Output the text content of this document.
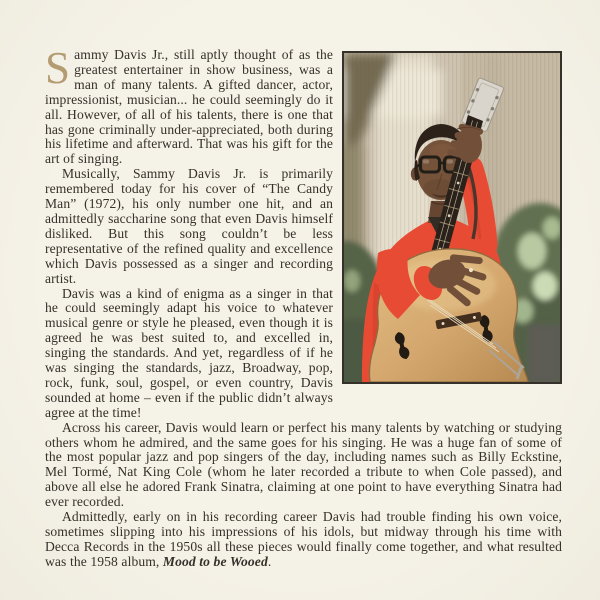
Sammy Davis Jr., still aptly thought of as the greatest entertainer in show business, was a man of many talents. A gifted dancer, actor, impressionist, musician... he could seemingly do it all. However, of all of his talents, there is one that has gone criminally under-appreciated, both during his lifetime and afterward. That was his gift for the art of singing.

Musically, Sammy Davis Jr. is primarily remembered today for his cover of “The Candy Man” (1972), his only number one hit, and an admittedly saccharine song that even Davis himself disliked. But this song couldn’t be less representative of the refined quality and excellence which Davis possessed as a singer and recording artist.

Davis was a kind of enigma as a singer in that he could seemingly adapt his voice to whatever musical genre or style he pleased, even though it is agreed he was best suited to, and excelled in, singing the standards. And yet, regardless of if he was singing the standards, jazz, Broadway, pop, rock, funk, soul, gospel, or even country, Davis sounded at home – even if the public didn’t always agree at the time!

Across his career, Davis would learn or perfect his many talents by watching or studying others whom he admired, and the same goes for his singing. He was a huge fan of some of the most popular jazz and pop singers of the day, including names such as Billy Eckstine, Mel Tormé, Nat King Cole (whom he later recorded a tribute to when Cole passed), and above all else he adored Frank Sinatra, claiming at one point to have everything Sinatra had ever recorded.

Admittedly, early on in his recording career Davis had trouble finding his own voice, sometimes slipping into his impressions of his idols, but midway through his time with Decca Records in the 1950s all these pieces would finally come together, and what resulted was the 1958 album, Mood to be Wooed.
